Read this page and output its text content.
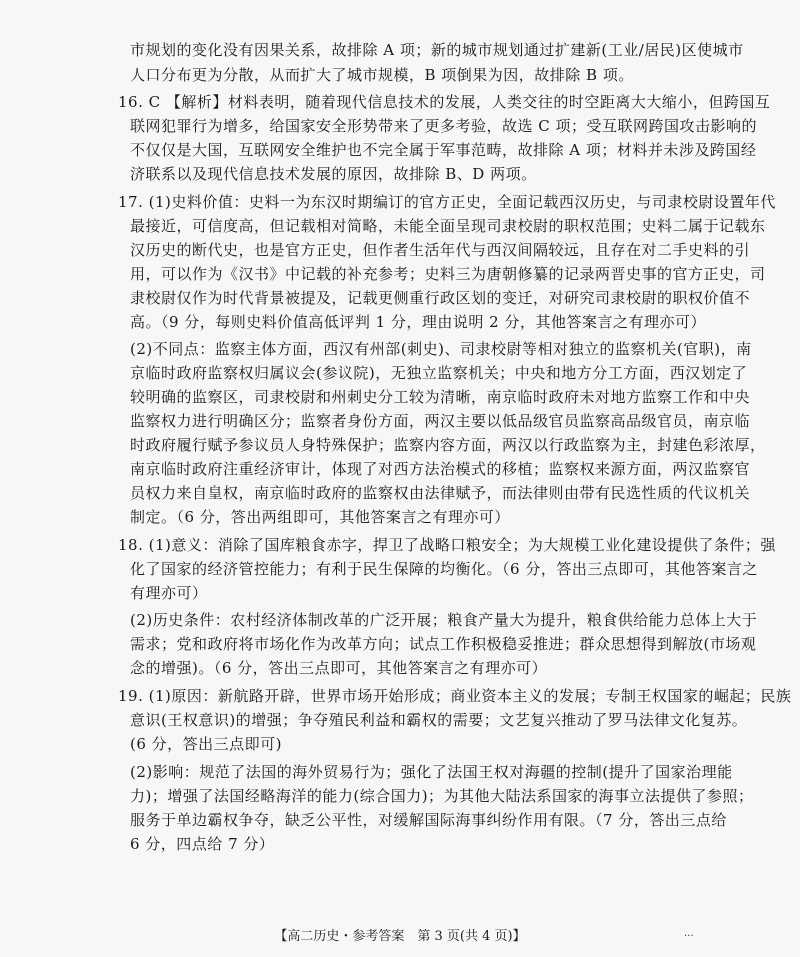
市规划的变化没有因果关系，故排除 A 项；新的城市规划通过扩建新(工业/居民)区使城市
人口分布更为分散，从而扩大了城市规模，B 项倒果为因，故排除 B 项。
16. C 【解析】材料表明，随着现代信息技术的发展，人类交往的时空距离大大缩小，但跨国互
联网犯罪行为增多，给国家安全形势带来了更多考验，故选 C 项；受互联网跨国攻击影响的
不仅仅是大国，互联网安全维护也不完全属于军事范畴，故排除 A 项；材料并未涉及跨国经
济联系以及现代信息技术发展的原因，故排除 B、D 两项。
17. (1)史料价值：史料一为东汉时期编订的官方正史，全面记载西汉历史，与司隶校尉设置年代
最接近，可信度高，但记载相对简略，未能全面呈现司隶校尉的职权范围；史料二属于记载东
汉历史的断代史，也是官方正史，但作者生活年代与西汉间隔较远，且存在对二手史料的引
用，可以作为《汉书》中记载的补充参考；史料三为唐朝修纂的记录两晋史事的官方正史，司
隶校尉仅作为时代背景被提及，记载更侧重行政区划的变迁，对研究司隶校尉的职权价值不
高。（9 分，每则史料价值高低评判 1 分，理由说明 2 分，其他答案言之有理亦可）
(2)不同点：监察主体方面，西汉有州部(刺史)、司隶校尉等相对独立的监察机关(官职)，南
京临时政府监察权归属议会(参议院)，无独立监察机关；中央和地方分工方面，西汉划定了
较明确的监察区，司隶校尉和州刺史分工较为清晰，南京临时政府未对地方监察工作和中央
监察权力进行明确区分；监察者身份方面，两汉主要以低品级官员监察高品级官员，南京临
时政府履行赋予参议员人身特殊保护；监察内容方面，两汉以行政监察为主，封建色彩浓厚，
南京临时政府注重经济审计，体现了对西方法治模式的移植；监察权来源方面，两汉监察官
员权力来自皇权，南京临时政府的监察权由法律赋予，而法律则由带有民选性质的代议机关
制定。（6 分，答出两组即可，其他答案言之有理亦可）
18. (1)意义：消除了国库粮食赤字，捍卫了战略口粮安全；为大规模工业化建设提供了条件；强
化了国家的经济管控能力；有利于民生保障的均衡化。（6 分，答出三点即可，其他答案言之
有理亦可）
(2)历史条件：农村经济体制改革的广泛开展；粮食产量大为提升，粮食供给能力总体上大于
需求；党和政府将市场化作为改革方向；试点工作积极稳妥推进；群众思想得到解放(市场观
念的增强)。（6 分，答出三点即可，其他答案言之有理亦可）
19. (1)原因：新航路开辟，世界市场开始形成；商业资本主义的发展；专制王权国家的崛起；民族
意识(王权意识)的增强；争夺殖民利益和霸权的需要；文艺复兴推动了罗马法律文化复苏。
(6 分，答出三点即可)
(2)影响：规范了法国的海外贸易行为；强化了法国王权对海疆的控制(提升了国家治理能
力)；增强了法国经略海洋的能力(综合国力)；为其他大陆法系国家的海事立法提供了参照；
服务于单边霸权争夺，缺乏公平性，对缓解国际海事纠纷作用有限。（7 分，答出三点给
6 分，四点给 7 分）
【高二历史・参考答案　第 3 页(共 4 页)】	...
